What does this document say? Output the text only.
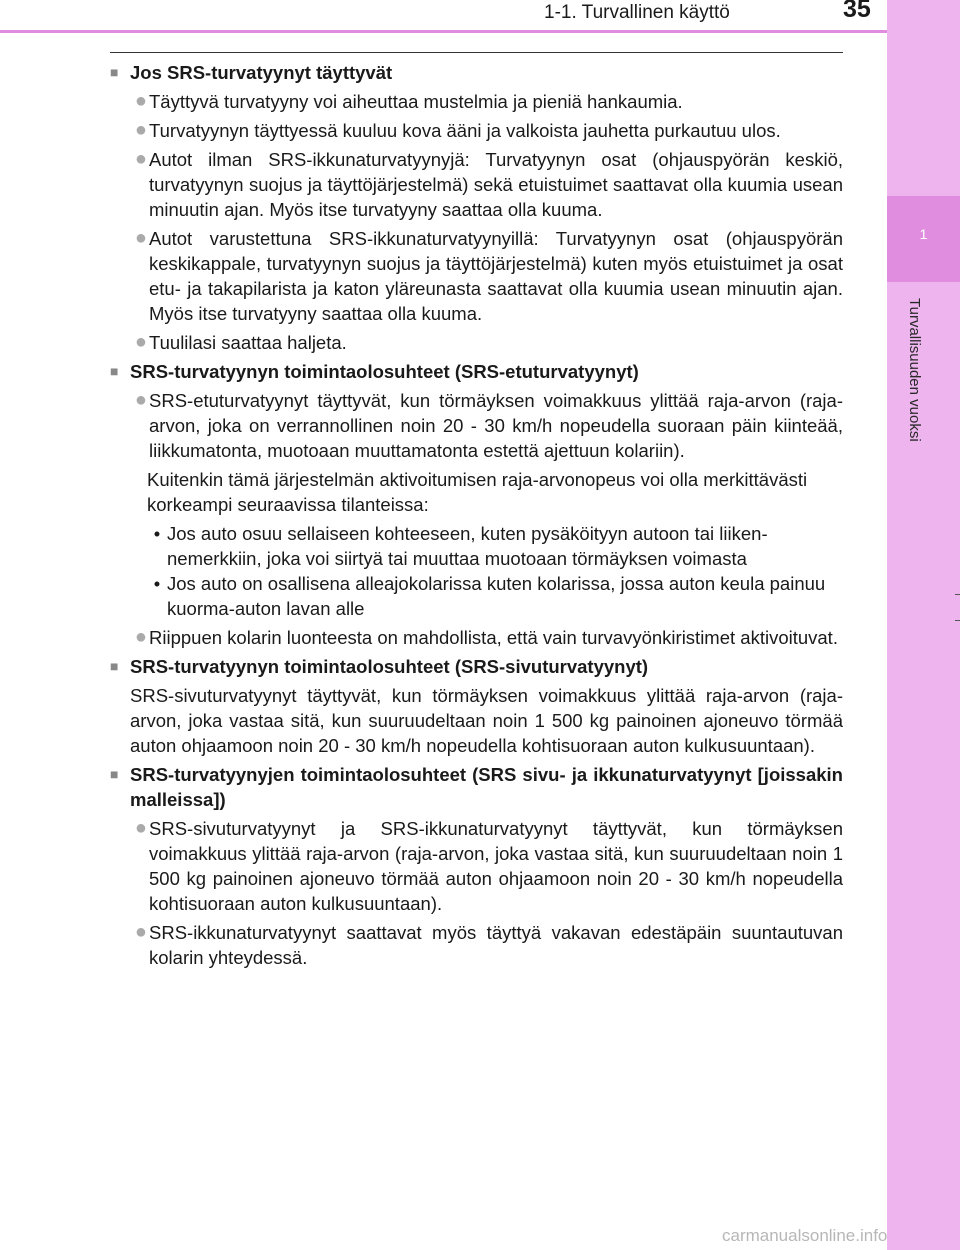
1
Turvallisuuden vuoksi
1-1. Turvallinen käyttö	35
■ Jos SRS-turvatyynyt täyttyvät
● Täyttyvä turvatyyny voi aiheuttaa mustelmia ja pieniä hankaumia.
● Turvatyynyn täyttyessä kuuluu kova ääni ja valkoista jauhetta purkautuu ulos.
● Autot ilman SRS-ikkunaturvatyynyjä: Turvatyynyn osat (ohjauspyörän keskiö, turvatyynyn suojus ja täyttöjärjestelmä) sekä etuistuimet saattavat olla kuumia usean minuutin ajan. Myös itse turvatyyny saattaa olla kuuma.
● Autot varustettuna SRS-ikkunaturvatyynyillä: Turvatyynyn osat (ohjauspyörän keskikappale, turvatyynyn suojus ja täyttöjärjestelmä) kuten myös etuistuimet ja osat etu- ja takapilarista ja katon yläreunasta saattavat olla kuumia usean minuutin ajan. Myös itse turvatyyny saattaa olla kuuma.
● Tuulilasi saattaa haljeta.
■ SRS-turvatyynyn toimintaolosuhteet (SRS-etuturvatyynyt)
● SRS-etuturvatyynyt täyttyvät, kun törmäyksen voimakkuus ylittää raja-arvon (raja-arvon, joka on verrannollinen noin 20 - 30 km/h nopeudella suoraan päin kiinteää, liikkumatonta, muotoaan muuttamatonta estettä ajettuun kolariin).
Kuitenkin tämä järjestelmän aktivoitumisen raja-arvonopeus voi olla merkittävästi korkeampi seuraavissa tilanteissa:
• Jos auto osuu sellaiseen kohteeseen, kuten pysäköityyn autoon tai liikennemerkkiin, joka voi siirtyä tai muuttaa muotoaan törmäyksen voimasta
• Jos auto on osallisena alleajokolarissa kuten kolarissa, jossa auton keula painuu kuorma-auton lavan alle
● Riippuen kolarin luonteesta on mahdollista, että vain turvavyönkiristimet aktivoituvat.
■ SRS-turvatyynyn toimintaolosuhteet (SRS-sivuturvatyynyt)
SRS-sivuturvatyynyt täyttyvät, kun törmäyksen voimakkuus ylittää raja-arvon (raja-arvon, joka vastaa sitä, kun suuruudeltaan noin 1 500 kg painoinen ajoneuvo törmää auton ohjaamoon noin 20 - 30 km/h nopeudella kohtisuoraan auton kulkusuuntaan).
■ SRS-turvatyynyjen toimintaolosuhteet (SRS sivu- ja ikkunaturvatyynyt [joissakin malleissa])
● SRS-sivuturvatyynyt ja SRS-ikkunaturvatyynyt täyttyvät, kun törmäyksen voimakkuus ylittää raja-arvon (raja-arvon, joka vastaa sitä, kun suuruudeltaan noin 1 500 kg painoinen ajoneuvo törmää auton ohjaamoon noin 20 - 30 km/h nopeudella kohtisuoraan auton kulkusuuntaan).
● SRS-ikkunaturvatyynyt saattavat myös täyttyä vakavan edestäpäin suuntautuvan kolarin yhteydessä.
carmanualsonline.info
